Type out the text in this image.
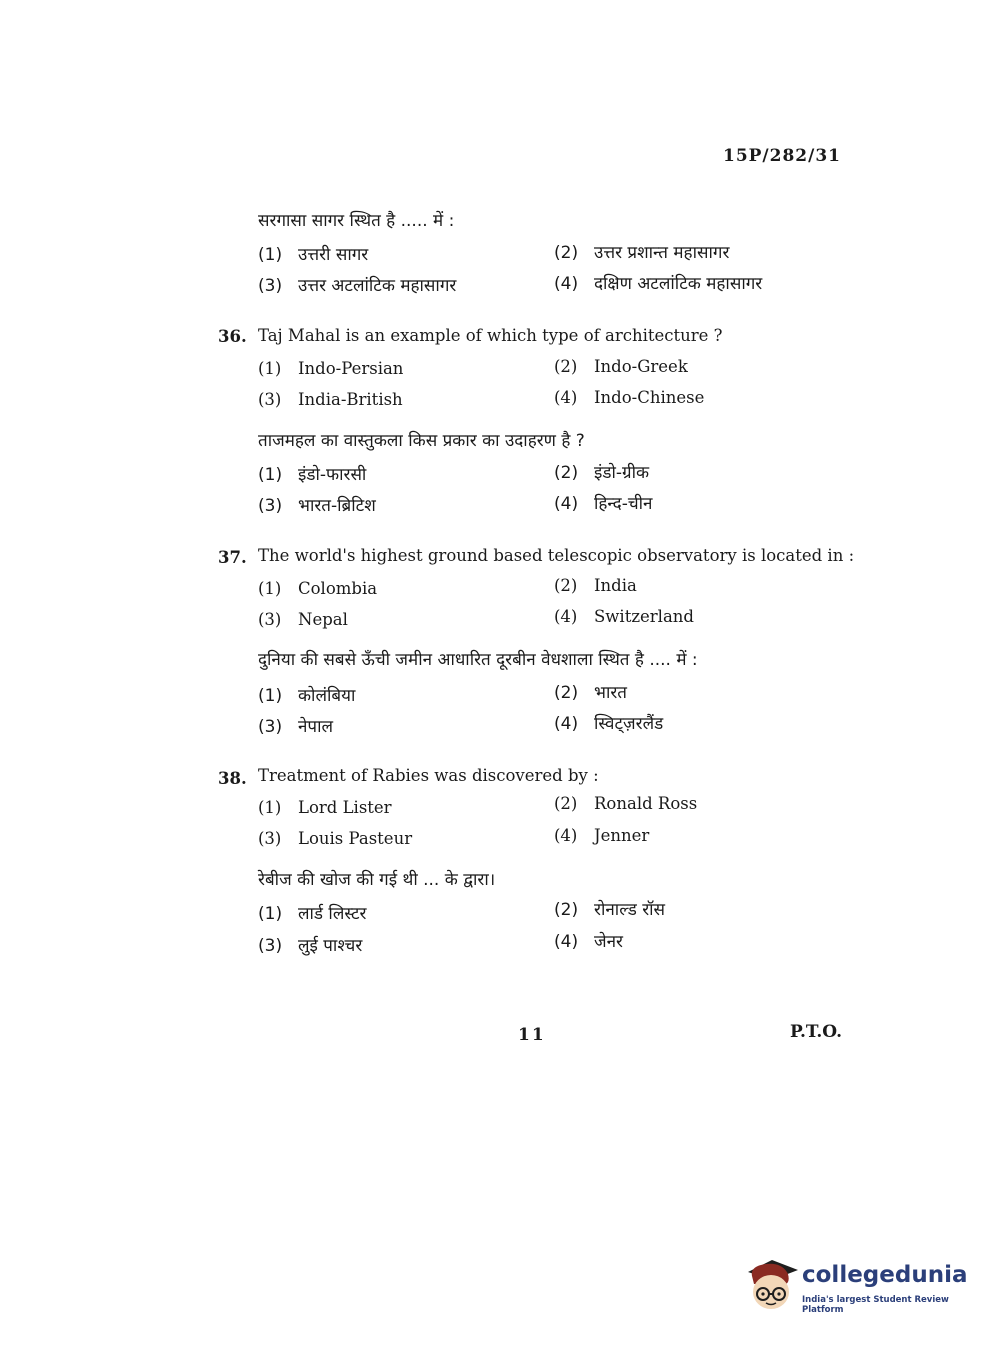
15P/282/31
सरगासा सागर स्थित है ..... में :
(1) उत्तरी सागर	(2) उत्तर प्रशान्त महासागर
(3) उत्तर अटलांटिक महासागर	(4) दक्षिण अटलांटिक महासागर
36. Taj Mahal is an example of which type of architecture ?
(1) Indo-Persian	(2) Indo-Greek
(3) India-British	(4) Indo-Chinese
ताजमहल का वास्तुकला किस प्रकार का उदाहरण है ?
(1) इंडो-फारसी	(2) इंडो-ग्रीक
(3) भारत-ब्रिटिश	(4) हिन्द-चीन
37. The world's highest ground based telescopic observatory is located in :
(1) Colombia	(2) India
(3) Nepal	(4) Switzerland
दुनिया की सबसे ऊँची जमीन आधारित दूरबीन वेधशाला स्थित है .... में :
(1) कोलंबिया	(2) भारत
(3) नेपाल	(4) स्विट्ज़रलैंड
38. Treatment of Rabies was discovered by :
(1) Lord Lister	(2) Ronald Ross
(3) Louis Pasteur	(4) Jenner
रेबीज की खोज की गई थी ... के द्वारा।
(1) लार्ड लिस्टर	(2) रोनाल्ड रॉस
(3) लुई पाश्चर	(4) जेनर
11	P.T.O.
collegedunia
India's largest Student Review Platform
